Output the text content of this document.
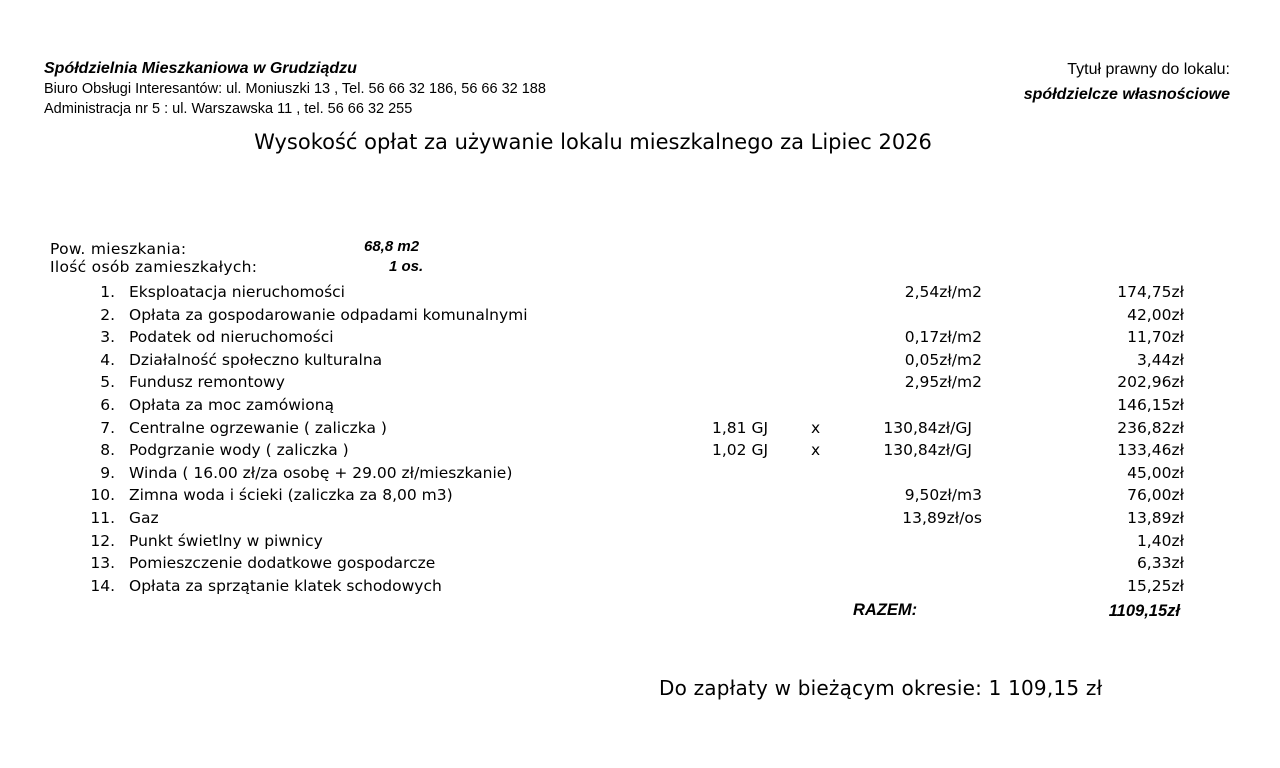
Spółdzielnia Mieszkaniowa w Grudziądzu
Biuro Obsługi Interesantów: ul. Moniuszki 13 , Tel. 56 66 32 186, 56 66 32 188
Administracja nr 5 : ul. Warszawska 11 , tel. 56 66 32 255
Tytuł prawny do lokalu:
spółdzielcze własnościowe
Wysokość opłat za używanie lokalu mieszkalnego za Lipiec 2026
Pow. mieszkania:	68,8 m2
Ilość osób zamieszkałych:	1 os.
1. Eksploatacja nieruchomości	2,54zł/m2	174,75zł
2. Opłata za gospodarowanie odpadami komunalnymi	42,00zł
3. Podatek od nieruchomości	0,17zł/m2	11,70zł
4. Działalność społeczno kulturalna	0,05zł/m2	3,44zł
5. Fundusz remontowy	2,95zł/m2	202,96zł
6. Opłata za moc zamówioną	146,15zł
7. Centralne ogrzewanie ( zaliczka )	1,81 GJ	x	130,84zł/GJ	236,82zł
8. Podgrzanie wody ( zaliczka )	1,02 GJ	x	130,84zł/GJ	133,46zł
9. Winda ( 16.00 zł/za osobę + 29.00 zł/mieszkanie)	45,00zł
10. Zimna woda i ścieki (zaliczka za 8,00 m3)	9,50zł/m3	76,00zł
11. Gaz	13,89zł/os	13,89zł
12. Punkt świetlny w piwnicy	1,40zł
13. Pomieszczenie dodatkowe gospodarcze	6,33zł
14. Opłata za sprzątanie klatek schodowych	15,25zł
RAZEM:	1109,15zł
Do zapłaty w bieżącym okresie: 1 109,15 zł
